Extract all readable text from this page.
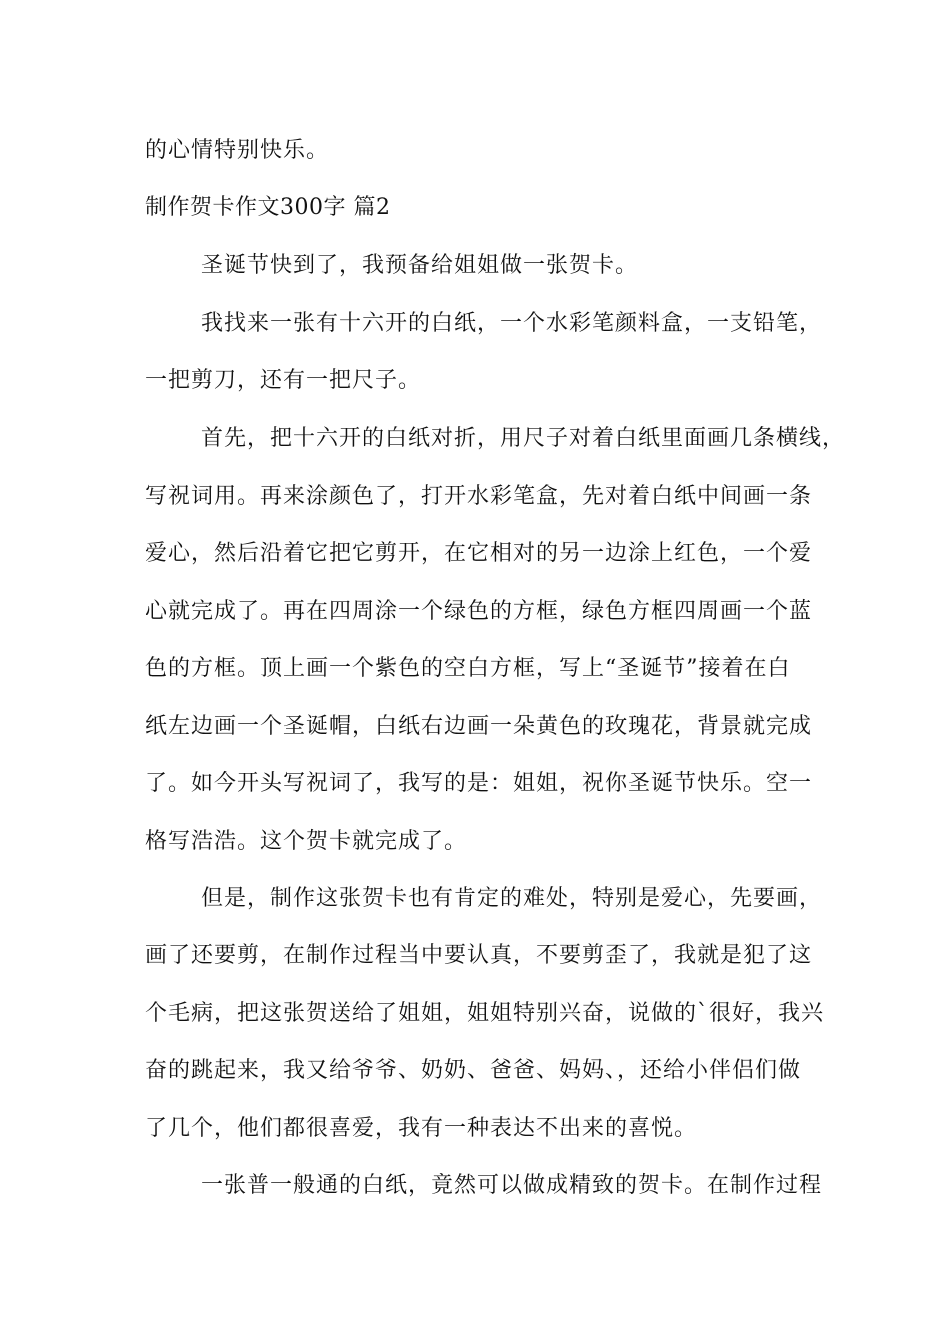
的心情特别快乐。
制作贺卡作文300字 篇2
圣诞节快到了，我预备给姐姐做一张贺卡。
我找来一张有十六开的白纸，一个水彩笔颜料盒，一支铅笔，
一把剪刀，还有一把尺子。
首先，把十六开的白纸对折，用尺子对着白纸里面画几条横线，
写祝词用。再来涂颜色了，打开水彩笔盒，先对着白纸中间画一条
爱心，然后沿着它把它剪开，在它相对的另一边涂上红色，一个爱
心就完成了。再在四周涂一个绿色的方框，绿色方框四周画一个蓝
色的方框。顶上画一个紫色的空白方框，写上“圣诞节”接着在白
纸左边画一个圣诞帽，白纸右边画一朵黄色的玫瑰花，背景就完成
了。如今开头写祝词了，我写的是：姐姐，祝你圣诞节快乐。空一
格写浩浩。这个贺卡就完成了。
但是，制作这张贺卡也有肯定的难处，特别是爱心，先要画，
画了还要剪，在制作过程当中要认真，不要剪歪了，我就是犯了这
个毛病，把这张贺送给了姐姐，姐姐特别兴奋，说做的`很好，我兴
奋的跳起来，我又给爷爷、奶奶、爸爸、妈妈、，还给小伴侣们做
了几个，他们都很喜爱，我有一种表达不出来的喜悦。
一张普一般通的白纸，竟然可以做成精致的贺卡。在制作过程
